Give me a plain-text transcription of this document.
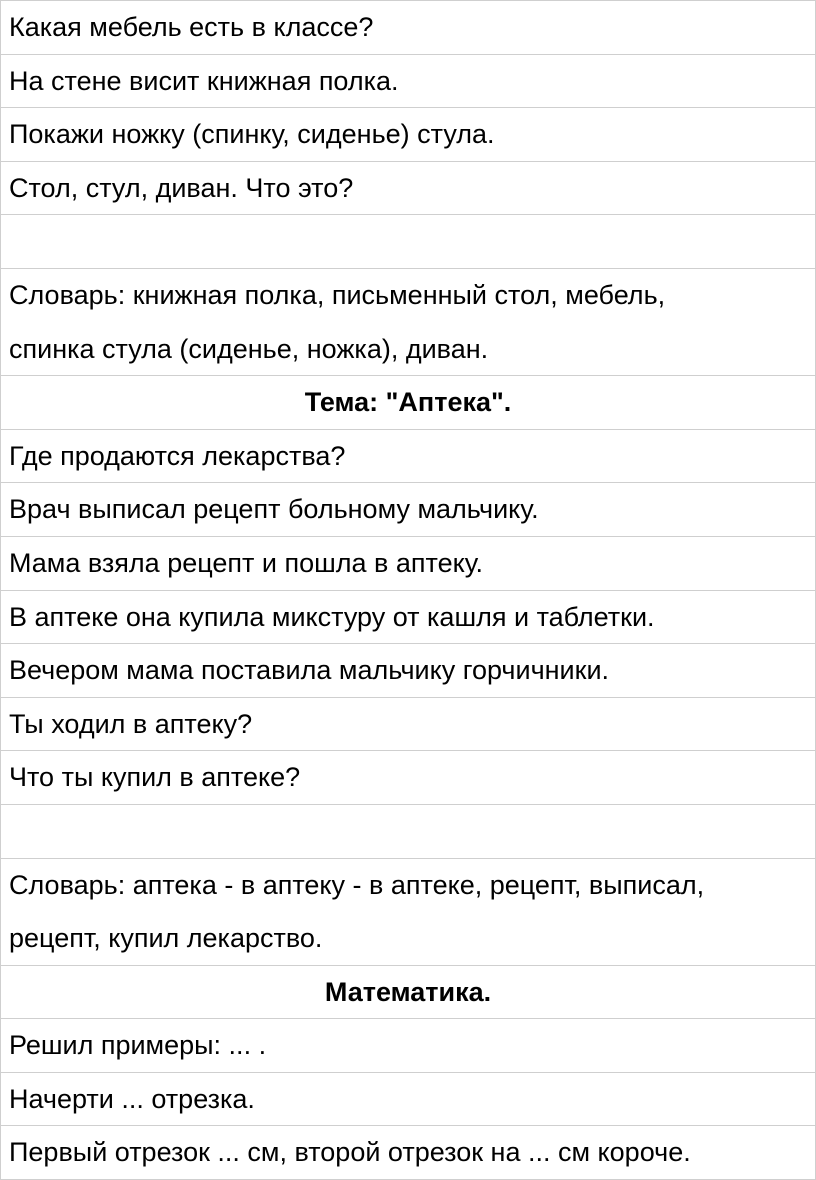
Какая мебель есть в классе?
На стене висит книжная полка.
Покажи ножку (спинку, сиденье) стула.
Стол, стул, диван. Что это?
Словарь: книжная полка, письменный стол, мебель,
спинка стула (сиденье, ножка), диван.
Тема: "Аптека".
Где продаются лекарства?
Врач выписал рецепт больному мальчику.
Мама взяла рецепт и пошла в аптеку.
В аптеке она купила микстуру от кашля и таблетки.
Вечером мама поставила мальчику горчичники.
Ты ходил в аптеку?
Что ты купил в аптеке?
Словарь: аптека - в аптеку - в аптеке, рецепт, выписал,
рецепт, купил лекарство.
Математика.
Решил примеры: ... .
Начерти ... отрезка.
Первый отрезок ... см, второй отрезок на ... см короче.
